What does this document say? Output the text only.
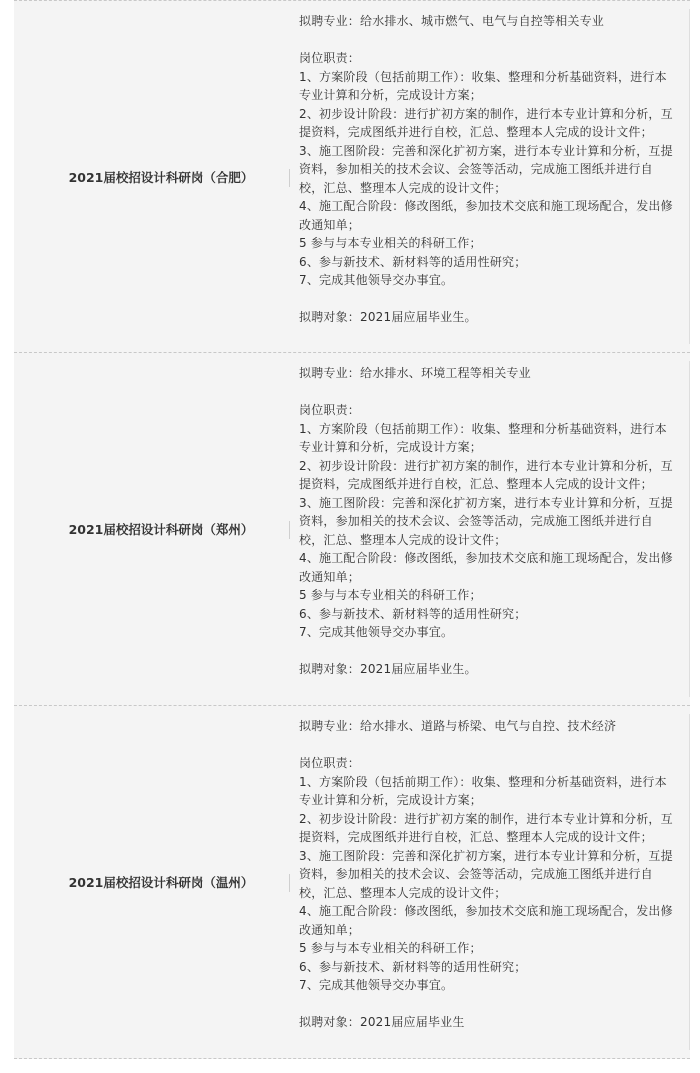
2021届校招设计科研岗（合肥）
拟聘专业：给水排水、城市燃气、电气与自控等相关专业
岗位职责：
1、方案阶段（包括前期工作）：收集、整理和分析基础资料，进行本
专业计算和分析，完成设计方案；
2、初步设计阶段：进行扩初方案的制作，进行本专业计算和分析，互
提资料，完成图纸并进行自校，汇总、整理本人完成的设计文件；
3、施工图阶段：完善和深化扩初方案，进行本专业计算和分析，互提
资料，参加相关的技术会议、会签等活动，完成施工图纸并进行自
校，汇总、整理本人完成的设计文件；
4、施工配合阶段：修改图纸，参加技术交底和施工现场配合，发出修
改通知单；
5 参与与本专业相关的科研工作；
6、参与新技术、新材料等的适用性研究；
7、完成其他领导交办事宜。
拟聘对象：2021届应届毕业生。
2021届校招设计科研岗（郑州）
拟聘专业：给水排水、环境工程等相关专业
岗位职责：
1、方案阶段（包括前期工作）：收集、整理和分析基础资料，进行本
专业计算和分析，完成设计方案；
2、初步设计阶段：进行扩初方案的制作，进行本专业计算和分析，互
提资料，完成图纸并进行自校，汇总、整理本人完成的设计文件；
3、施工图阶段：完善和深化扩初方案，进行本专业计算和分析，互提
资料，参加相关的技术会议、会签等活动，完成施工图纸并进行自
校，汇总、整理本人完成的设计文件；
4、施工配合阶段：修改图纸，参加技术交底和施工现场配合，发出修
改通知单；
5 参与与本专业相关的科研工作；
6、参与新技术、新材料等的适用性研究；
7、完成其他领导交办事宜。
拟聘对象：2021届应届毕业生。
2021届校招设计科研岗（温州）
拟聘专业：给水排水、道路与桥梁、电气与自控、技术经济
岗位职责：
1、方案阶段（包括前期工作）：收集、整理和分析基础资料，进行本
专业计算和分析，完成设计方案；
2、初步设计阶段：进行扩初方案的制作，进行本专业计算和分析，互
提资料，完成图纸并进行自校，汇总、整理本人完成的设计文件；
3、施工图阶段：完善和深化扩初方案，进行本专业计算和分析，互提
资料，参加相关的技术会议、会签等活动，完成施工图纸并进行自
校，汇总、整理本人完成的设计文件；
4、施工配合阶段：修改图纸，参加技术交底和施工现场配合，发出修
改通知单；
5 参与与本专业相关的科研工作；
6、参与新技术、新材料等的适用性研究；
7、完成其他领导交办事宜。
拟聘对象：2021届应届毕业生
